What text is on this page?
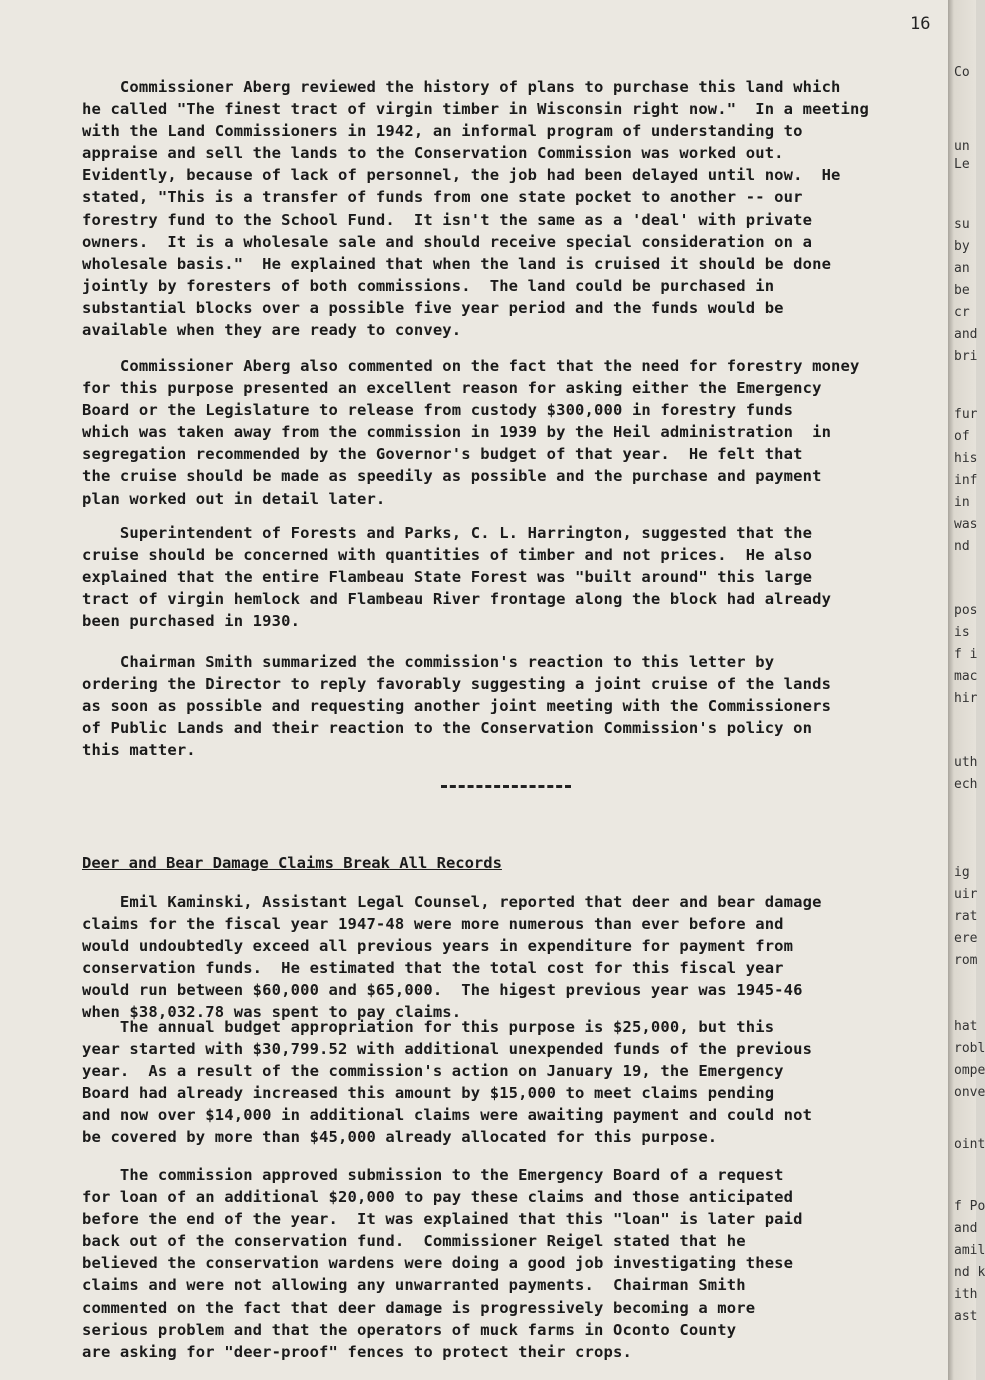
16

Commissioner Aberg reviewed the history of plans to purchase this land which
he called "The finest tract of virgin timber in Wisconsin right now."  In a meeting
with the Land Commissioners in 1942, an informal program of understanding to
appraise and sell the lands to the Conservation Commission was worked out.
Evidently, because of lack of personnel, the job had been delayed until now.  He
stated, "This is a transfer of funds from one state pocket to another -- our
forestry fund to the School Fund.  It isn't the same as a 'deal' with private
owners.  It is a wholesale sale and should receive special consideration on a
wholesale basis."  He explained that when the land is cruised it should be done
jointly by foresters of both commissions.  The land could be purchased in
substantial blocks over a possible five year period and the funds would be
available when they are ready to convey.

Commissioner Aberg also commented on the fact that the need for forestry money
for this purpose presented an excellent reason for asking either the Emergency
Board or the Legislature to release from custody $300,000 in forestry funds
which was taken away from the commission in 1939 by the Heil administration  in
segregation recommended by the Governor's budget of that year.  He felt that
the cruise should be made as speedily as possible and the purchase and payment
plan worked out in detail later.

Superintendent of Forests and Parks, C. L. Harrington, suggested that the
cruise should be concerned with quantities of timber and not prices.  He also
explained that the entire Flambeau State Forest was "built around" this large
tract of virgin hemlock and Flambeau River frontage along the block had already
been purchased in 1930.

Chairman Smith summarized the commission's reaction to this letter by
ordering the Director to reply favorably suggesting a joint cruise of the lands
as soon as possible and requesting another joint meeting with the Commissioners
of Public Lands and their reaction to the Conservation Commission's policy on
this matter.

Deer and Bear Damage Claims Break All Records

Emil Kaminski, Assistant Legal Counsel, reported that deer and bear damage
claims for the fiscal year 1947-48 were more numerous than ever before and
would undoubtedly exceed all previous years in expenditure for payment from
conservation funds.  He estimated that the total cost for this fiscal year
would run between $60,000 and $65,000.  The higest previous year was 1945-46
when $38,032.78 was spent to pay claims.

The annual budget appropriation for this purpose is $25,000, but this
year started with $30,799.52 with additional unexpended funds of the previous
year.  As a result of the commission's action on January 19, the Emergency
Board had already increased this amount by $15,000 to meet claims pending
and now over $14,000 in additional claims were awaiting payment and could not
be covered by more than $45,000 already allocated for this purpose.

The commission approved submission to the Emergency Board of a request
for loan of an additional $20,000 to pay these claims and those anticipated
before the end of the year.  It was explained that this "loan" is later paid
back out of the conservation fund.  Commissioner Reigel stated that he
believed the conservation wardens were doing a good job investigating these
claims and were not allowing any unwarranted payments.  Chairman Smith
commented on the fact that deer damage is progressively becoming a more
serious problem and that the operators of muck farms in Oconto County
are asking for "deer-proof" fences to protect their crops.

Co

un

Le

su

by

an

be

cr

and

bri

fur

of

his

inf

in

was

nd

pos

is

f i

mac

hir

uth

ech

ig

uir

rat

ere

rom

hat

robl

ompe

onve

oint

f Po

and

amil

nd k

ith

ast
